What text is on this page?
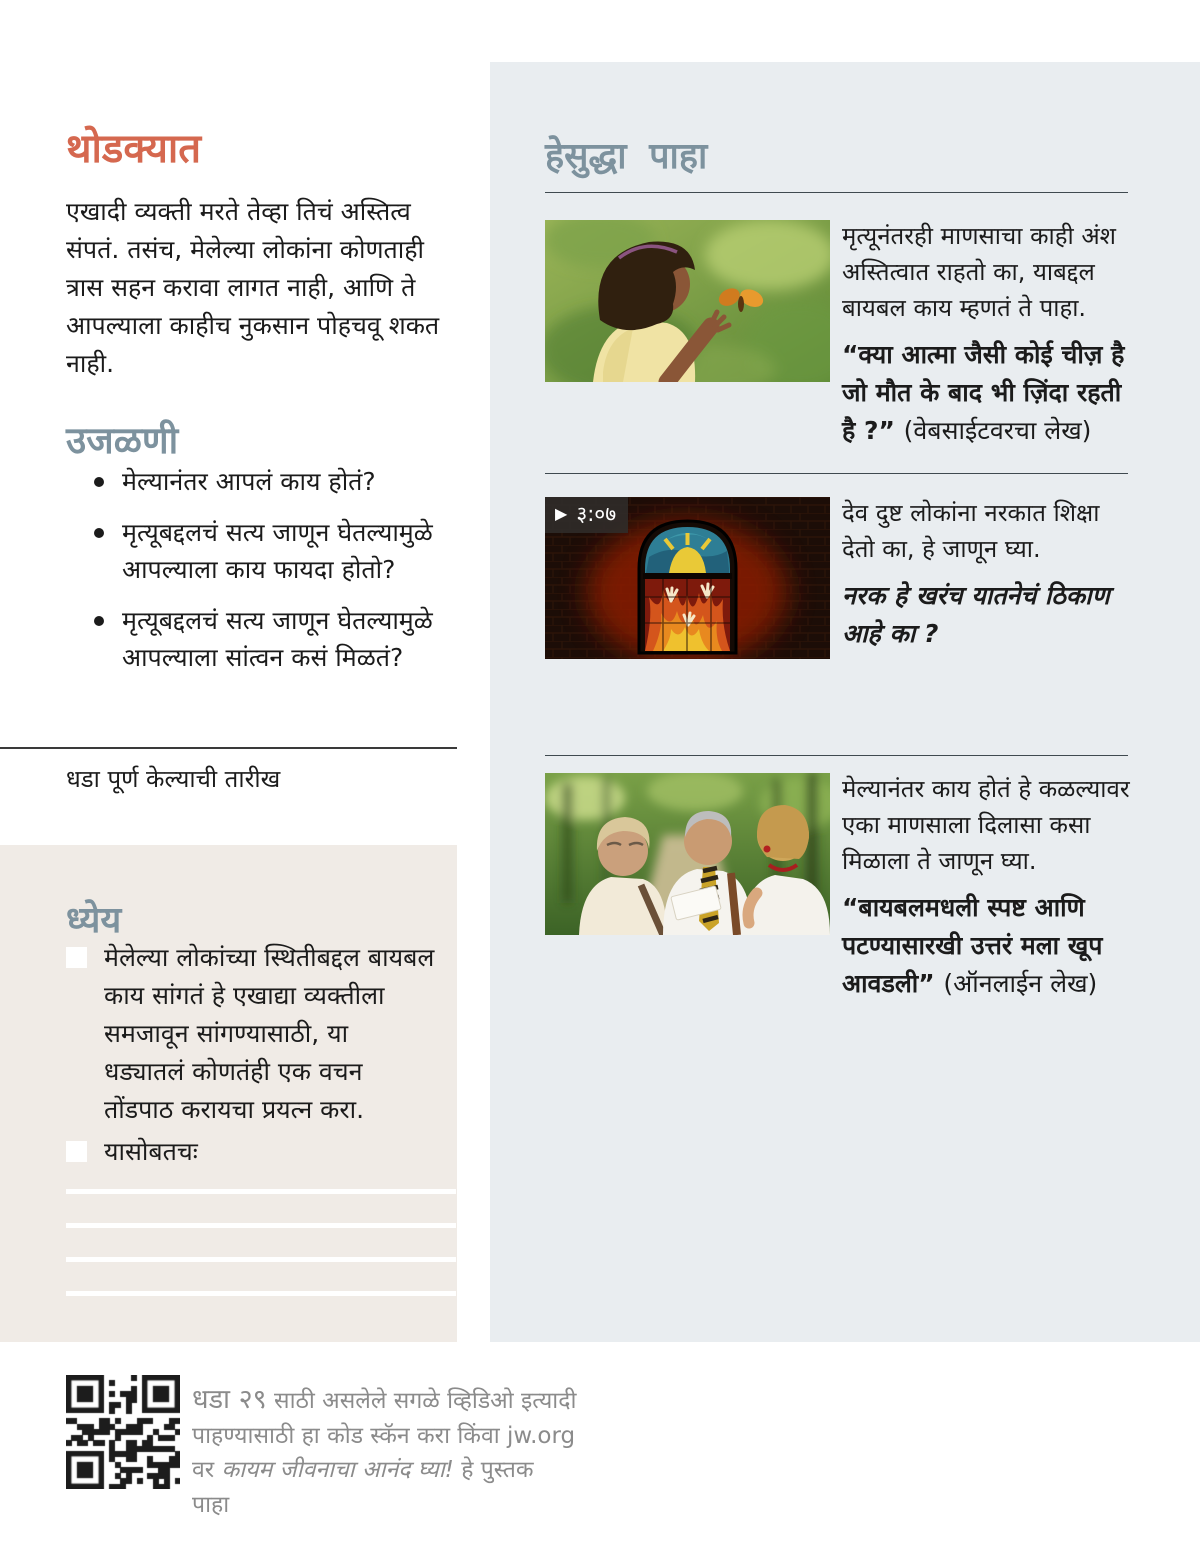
थोडक्यात

एखादी व्यक्ती मरते तेव्हा तिचं अस्तित्व संपतं. तसंच, मेलेल्या लोकांना कोणताही त्रास सहन करावा लागत नाही, आणि ते आपल्याला काहीच नुकसान पोहचवू शकत नाही.

उजळणी
मेल्यानंतर आपलं काय होतं?
मृत्यूबद्दलचं सत्य जाणून घेतल्यामुळे आपल्याला काय फायदा होतो?
मृत्यूबद्दलचं सत्य जाणून घेतल्यामुळे आपल्याला सांत्वन कसं मिळतं?
धडा पूर्ण केल्याची तारीख
ध्येय
मेलेल्या लोकांच्या स्थितीबद्दल बायबल काय सांगतं हे एखाद्या व्यक्तीला समजावून सांगण्यासाठी, या धड्यातलं कोणतंही एक वचन तोंडपाठ करायचा प्रयत्न करा.
यासोबतचः
हेसुद्धा पाहा

मृत्यूनंतरही माणसाचा काही अंश अस्तित्वात राहतो का, याबद्दल बायबल काय म्हणतं ते पाहा.

“क्या आत्मा जैसी कोई चीज़ है जो मौत के बाद भी ज़िंदा रहती है ?” (वेबसाईटवरचा लेख)

▶ ३:०७	देव दुष्ट लोकांना नरकात शिक्षा देतो का, हे जाणून घ्या.

नरक हे खरंच यातनेचं ठिकाण आहे का ?

मेल्यानंतर काय होतं हे कळल्यावर एका माणसाला दिलासा कसा मिळाला ते जाणून घ्या.

“बायबलमधली स्पष्ट आणि पटण्यासारखी उत्तरं मला खूप आवडली” (ऑनलाईन लेख)

धडा २९ साठी असलेले सगळे व्हिडिओ इत्यादी पाहण्यासाठी हा कोड स्कॅन करा किंवा jw.org वर कायम जीवनाचा आनंद घ्या! हे पुस्तक पाहा
